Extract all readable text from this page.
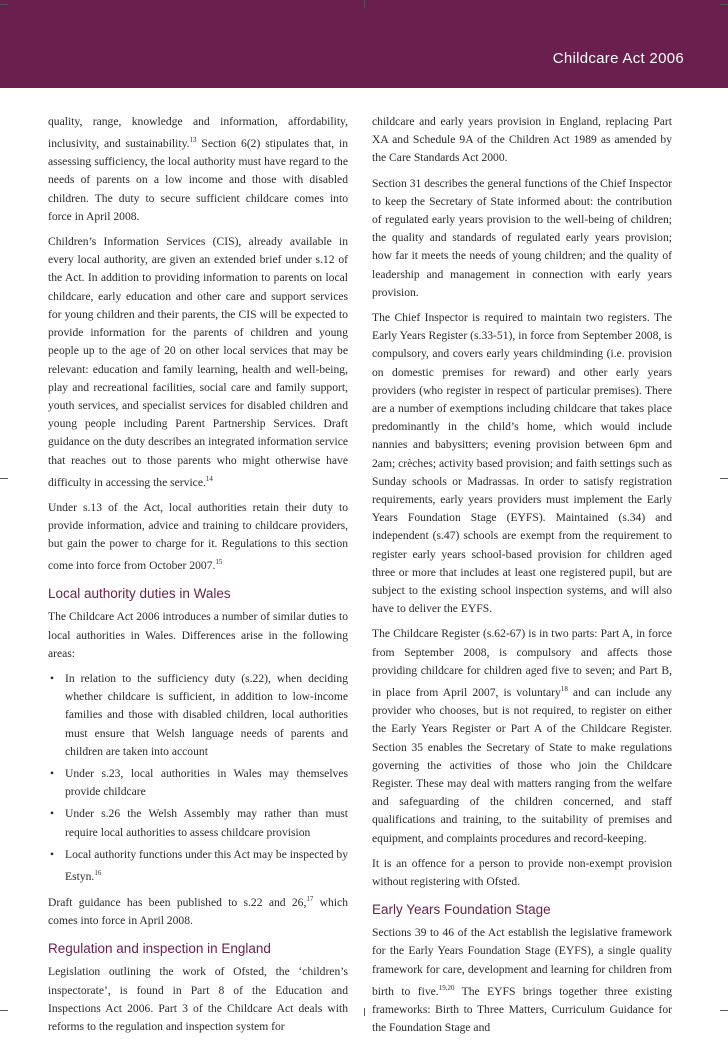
Childcare Act 2006

quality, range, knowledge and information, affordability, inclusivity, and sustainability.$^{13}$ Section 6(2) stipulates that, in assessing sufficiency, the local authority must have regard to the needs of parents on a low income and those with disabled children. The duty to secure sufficient childcare comes into force in April 2008.

Children’s Information Services (CIS), already available in every local authority, are given an extended brief under s.12 of the Act. In addition to providing information to parents on local childcare, early education and other care and support services for young children and their parents, the CIS will be expected to provide information for the parents of children and young people up to the age of 20 on other local services that may be relevant: education and family learning, health and well-being, play and recreational facilities, social care and family support, youth services, and specialist services for disabled children and young people including Parent Partnership Services. Draft guidance on the duty describes an integrated information service that reaches out to those parents who might otherwise have difficulty in accessing the service.$^{14}$

Under s.13 of the Act, local authorities retain their duty to provide information, advice and training to childcare providers, but gain the power to charge for it. Regulations to this section come into force from October 2007.15

Local authority duties in Wales

The Childcare Act 2006 introduces a number of similar duties to local authorities in Wales. Differences arise in the following areas:

• In relation to the sufficiency duty (s.22), when deciding whether childcare is sufficient, in addition to low-income families and those with disabled children, local authorities must ensure that Welsh language needs of parents and children are taken into account
• Under s.23, local authorities in Wales may themselves provide childcare
• Under s.26 the Welsh Assembly may rather than must require local authorities to assess childcare provision
• Local authority functions under this Act may be inspected by Estyn.$^{16}$

Draft guidance has been published to s.22 and 26,17 which comes into force in April 2008.

Regulation and inspection in England

Legislation outlining the work of Ofsted, the ‘children’s inspectorate’, is found in Part 8 of the Education and Inspections Act 2006. Part 3 of the Childcare Act deals with reforms to the regulation and inspection system for

childcare and early years provision in England, replacing Part XA and Schedule 9A of the Children Act 1989 as amended by the Care Standards Act 2000.

Section 31 describes the general functions of the Chief Inspector to keep the Secretary of State informed about: the contribution of regulated early years provision to the well-being of children; the quality and standards of regulated early years provision; how far it meets the needs of young children; and the quality of leadership and management in connection with early years provision.

The Chief Inspector is required to maintain two registers. The Early Years Register (s.33-51), in force from September 2008, is compulsory, and covers early years childminding (i.e. provision on domestic premises for reward) and other early years providers (who register in respect of particular premises). There are a number of exemptions including childcare that takes place predominantly in the child’s home, which would include nannies and babysitters; evening provision between 6pm and 2am; crèches; activity based provision; and faith settings such as Sunday schools or Madrassas. In order to satisfy registration requirements, early years providers must implement the Early Years Foundation Stage (EYFS). Maintained (s.34) and independent (s.47) schools are exempt from the requirement to register early years school-based provision for children aged three or more that includes at least one registered pupil, but are subject to the existing school inspection systems, and will also have to deliver the EYFS.

The Childcare Register (s.62-67) is in two parts: Part A, in force from September 2008, is compulsory and affects those providing childcare for children aged five to seven; and Part B, in place from April 2007, is voluntary$^{18}$ and can include any provider who chooses, but is not required, to register on either the Early Years Register or Part A of the Childcare Register. Section 35 enables the Secretary of State to make regulations governing the activities of those who join the Childcare Register. These may deal with matters ranging from the welfare and safeguarding of the children concerned, and staff qualifications and training, to the suitability of premises and equipment, and complaints procedures and record-keeping.

It is an offence for a person to provide non-exempt provision without registering with Ofsted.

Early Years Foundation Stage

Sections 39 to 46 of the Act establish the legislative framework for the Early Years Foundation Stage (EYFS), a single quality framework for care, development and learning for children from birth to five.$^{19,20}$ The EYFS brings together three existing frameworks: Birth to Three Matters, Curriculum Guidance for the Foundation Stage and
